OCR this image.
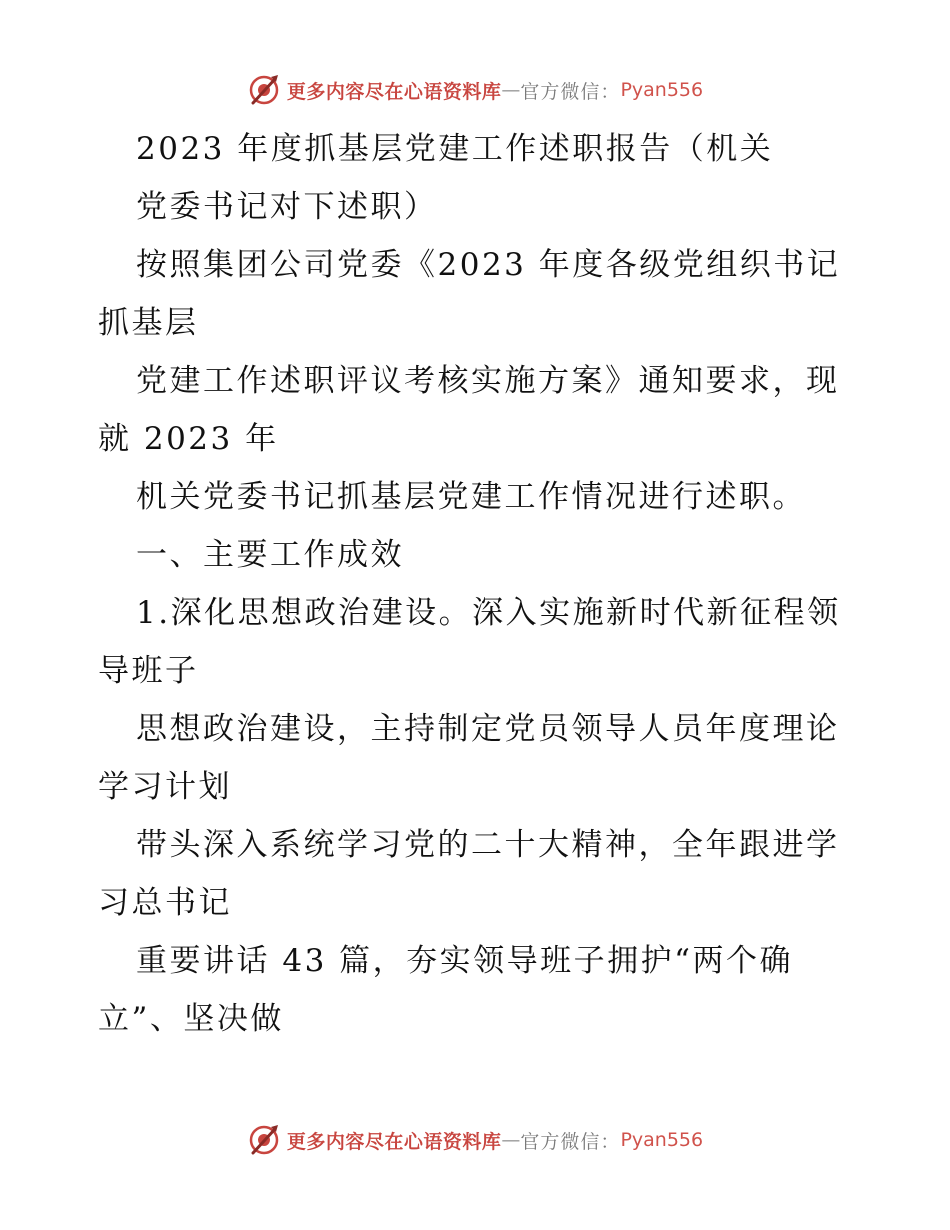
更多内容尽在心语资料库 — 官方微信： Pyan556
2023 年度抓基层党建工作述职报告（机关
党委书记对下述职）
按照集团公司党委《2023 年度各级党组织书记
抓基层
党建工作述职评议考核实施方案》通知要求，现
就 2023 年
机关党委书记抓基层党建工作情况进行述职。
一、主要工作成效
1.深化思想政治建设。深入实施新时代新征程领
导班子
思想政治建设，主持制定党员领导人员年度理论
学习计划
带头深入系统学习党的二十大精神，全年跟进学
习总书记
重要讲话 43 篇，夯实领导班子拥护“两个确
立”、坚决做
更多内容尽在心语资料库 — 官方微信： Pyan556
